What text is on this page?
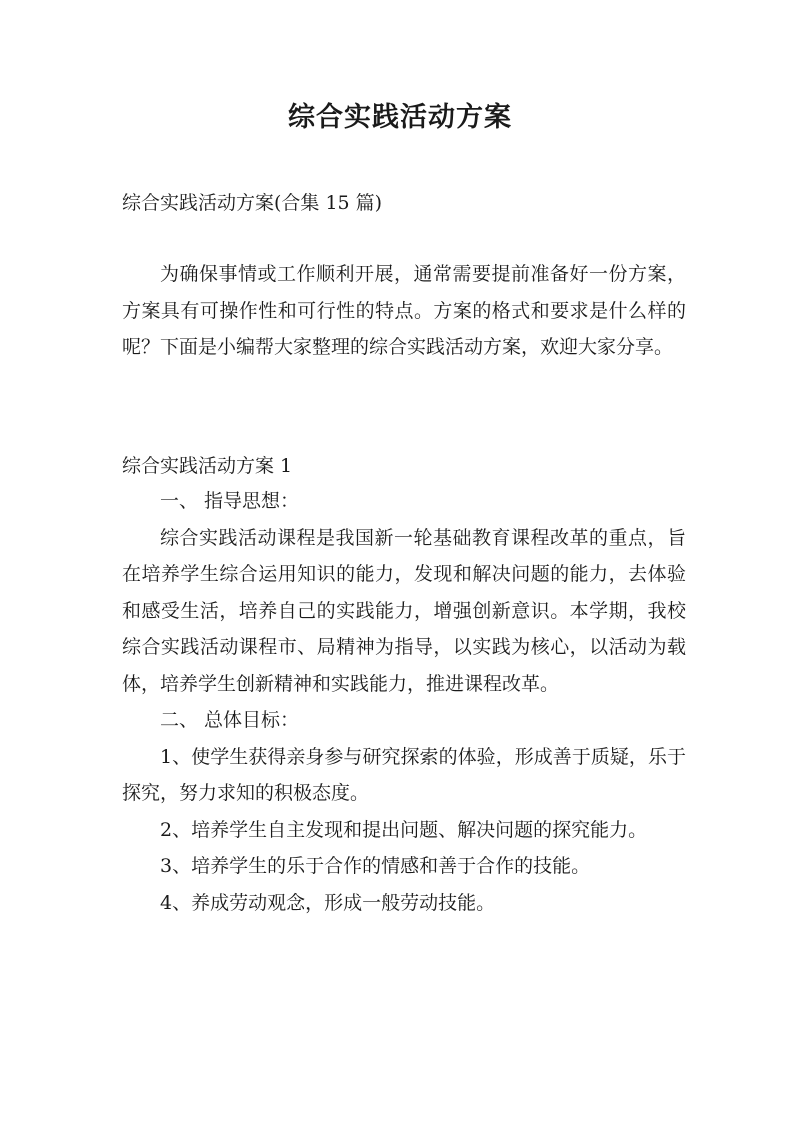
综合实践活动方案

综合实践活动方案(合集 15 篇)

为确保事情或工作顺利开展，通常需要提前准备好一份方案，方案具有可操作性和可行性的特点。方案的格式和要求是什么样的呢？下面是小编帮大家整理的综合实践活动方案，欢迎大家分享。

综合实践活动方案 1

一、 指导思想：

综合实践活动课程是我国新一轮基础教育课程改革的重点，旨在培养学生综合运用知识的能力，发现和解决问题的能力，去体验和感受生活，培养自己的实践能力，增强创新意识。本学期，我校综合实践活动课程市、局精神为指导，以实践为核心，以活动为载体，培养学生创新精神和实践能力，推进课程改革。

二、 总体目标：

1、使学生获得亲身参与研究探索的体验，形成善于质疑，乐于探究，努力求知的积极态度。

2、培养学生自主发现和提出问题、解决问题的探究能力。

3、培养学生的乐于合作的情感和善于合作的技能。

4、养成劳动观念，形成一般劳动技能。
